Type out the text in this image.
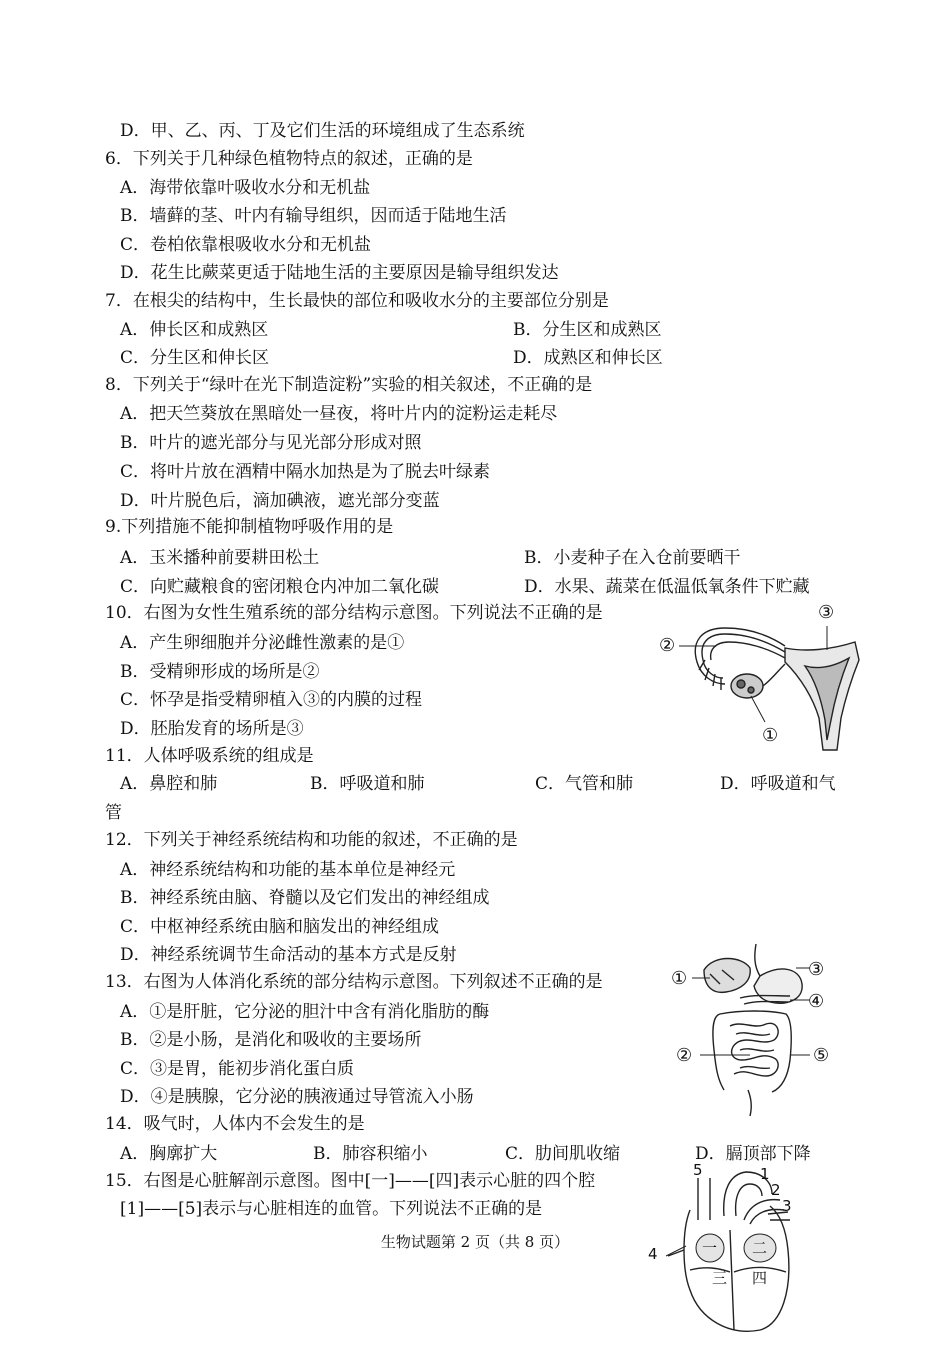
D．甲、乙、丙、丁及它们生活的环境组成了生态系统
6．下列关于几种绿色植物特点的叙述，正确的是
A．海带依靠叶吸收水分和无机盐
B．墙藓的茎、叶内有输导组织，因而适于陆地生活
C．卷柏依靠根吸收水分和无机盐
D．花生比蕨菜更适于陆地生活的主要原因是输导组织发达
7．在根尖的结构中，生长最快的部位和吸收水分的主要部位分别是
A．伸长区和成熟区	B．分生区和成熟区
C．分生区和伸长区	D．成熟区和伸长区
8．下列关于“绿叶在光下制造淀粉”实验的相关叙述，不正确的是
A．把天竺葵放在黑暗处一昼夜，将叶片内的淀粉运走耗尽
B．叶片的遮光部分与见光部分形成对照
C．将叶片放在酒精中隔水加热是为了脱去叶绿素
D．叶片脱色后，滴加碘液，遮光部分变蓝
9.下列措施不能抑制植物呼吸作用的是
A．玉米播种前要耕田松土	B．小麦种子在入仓前要晒干
C．向贮藏粮食的密闭粮仓内冲加二氧化碳	D．水果、蔬菜在低温低氧条件下贮藏
10．右图为女性生殖系统的部分结构示意图。下列说法不正确的是
A．产生卵细胞并分泌雌性激素的是①
B．受精卵形成的场所是②
C．怀孕是指受精卵植入③的内膜的过程
D．胚胎发育的场所是③
11．人体呼吸系统的组成是
A．鼻腔和肺	B．呼吸道和肺	C．气管和肺	D．呼吸道和气
管
12．下列关于神经系统结构和功能的叙述，不正确的是
A．神经系统结构和功能的基本单位是神经元
B．神经系统由脑、脊髓以及它们发出的神经组成
C．中枢神经系统由脑和脑发出的神经组成
D．神经系统调节生命活动的基本方式是反射
13．右图为人体消化系统的部分结构示意图。下列叙述不正确的是
A．①是肝脏，它分泌的胆汁中含有消化脂肪的酶
B．②是小肠，是消化和吸收的主要场所
C．③是胃，能初步消化蛋白质
D．④是胰腺，它分泌的胰液通过导管流入小肠
14．吸气时，人体内不会发生的是
A．胸廓扩大	B．肺容积缩小	C．肋间肌收缩	D．膈顶部下降
15．右图是心脏解剖示意图。图中[一]——[四]表示心脏的四个腔
[1]——[5]表示与心脏相连的血管。下列说法不正确的是
③
②
①
①	③
④
②	⑤
5	1
2
3
4	一 二
三 四
生物试题第 2 页（共 8 页）
